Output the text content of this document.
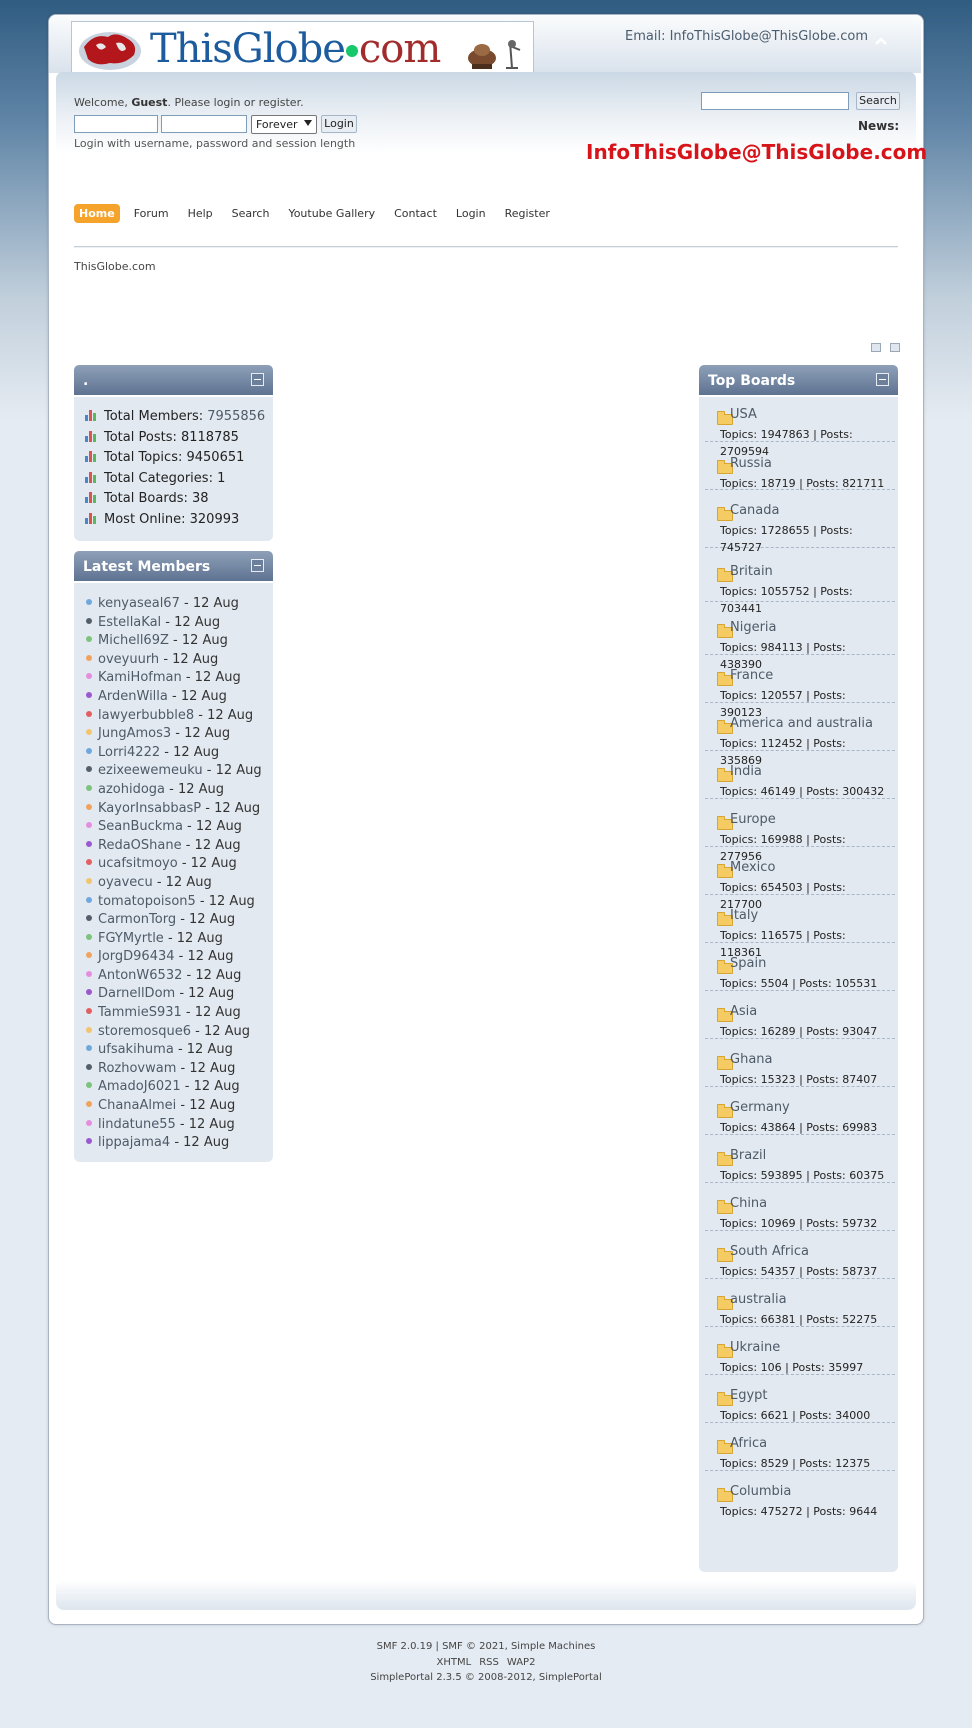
ThisGlobe com	Email: InfoThisGlobe@ThisGlobe.com
Welcome, Guest. Please login or register.
Forever Login
Login with username, password and session length
Search
News:
InfoThisGlobe@ThisGlobe.com
Home Forum Help Search Youtube Gallery Contact Login Register
ThisGlobe.com
.
Total Members: 7955856
Total Posts: 8118785
Total Topics: 9450651
Total Categories: 1
Total Boards: 38
Most Online: 320993
Latest Members
kenyaseal67 - 12 Aug
EstellaKal - 12 Aug
Michell69Z - 12 Aug
oveyuurh - 12 Aug
KamiHofman - 12 Aug
ArdenWilla - 12 Aug
lawyerbubble8 - 12 Aug
JungAmos3 - 12 Aug
Lorri4222 - 12 Aug
ezixeewemeuku - 12 Aug
azohidoga - 12 Aug
KayorInsabbasP - 12 Aug
SeanBuckma - 12 Aug
RedaOShane - 12 Aug
ucafsitmoyo - 12 Aug
oyavecu - 12 Aug
tomatopoison5 - 12 Aug
CarmonTorg - 12 Aug
FGYMyrtle - 12 Aug
JorgD96434 - 12 Aug
AntonW6532 - 12 Aug
DarnellDom - 12 Aug
TammieS931 - 12 Aug
storemosque6 - 12 Aug
ufsakihuma - 12 Aug
Rozhovwam - 12 Aug
AmadoJ6021 - 12 Aug
ChanaAlmei - 12 Aug
lindatune55 - 12 Aug
lippajama4 - 12 Aug
Top Boards
USA
Topics: 1947863 | Posts: 2709594
Russia
Topics: 18719 | Posts: 821711
Canada
Topics: 1728655 | Posts: 745727
Britain
Topics: 1055752 | Posts: 703441
Nigeria
Topics: 984113 | Posts: 438390
France
Topics: 120557 | Posts: 390123
America and australia
Topics: 112452 | Posts: 335869
India
Topics: 46149 | Posts: 300432
Europe
Topics: 169988 | Posts: 277956
Mexico
Topics: 654503 | Posts: 217700
Italy
Topics: 116575 | Posts: 118361
Spain
Topics: 5504 | Posts: 105531
Asia
Topics: 16289 | Posts: 93047
Ghana
Topics: 15323 | Posts: 87407
Germany
Topics: 43864 | Posts: 69983
Brazil
Topics: 593895 | Posts: 60375
China
Topics: 10969 | Posts: 59732
South Africa
Topics: 54357 | Posts: 58737
australia
Topics: 66381 | Posts: 52275
Ukraine
Topics: 106 | Posts: 35997
Egypt
Topics: 6621 | Posts: 34000
Africa
Topics: 8529 | Posts: 12375
Columbia
Topics: 475272 | Posts: 9644
SMF 2.0.19 | SMF © 2021, Simple Machines
XHTML RSS WAP2
SimplePortal 2.3.5 © 2008-2012, SimplePortal
